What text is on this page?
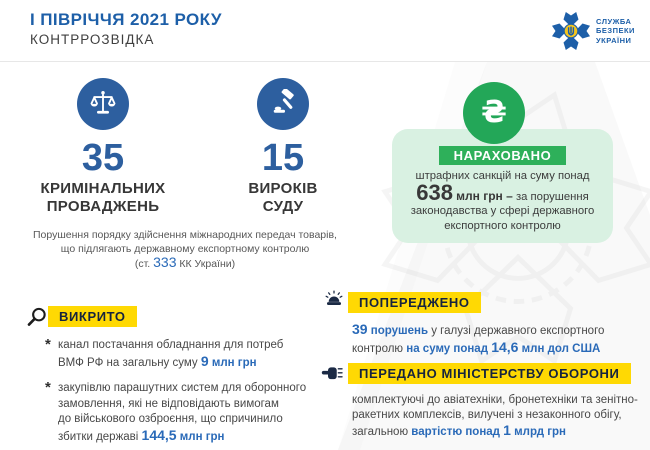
І ПІВРІЧЧЯ 2021 РОКУ
КОНТРРОЗВІДКА
СЛУЖБА
БЕЗПЕКИ
УКРАЇНИ
35
КРИМІНАЛЬНИХ
ПРОВАДЖЕНЬ
15
ВИРОКІВ
СУДУ
Порушення порядку здійснення міжнародних передач товарів,
що підлягають державному експортному контролю
(ст. 333 КК України)
₴
НАРАХОВАНО
штрафних санкцій на суму понад
638 млн грн – за порушення
законодавства у сфері державного
експортного контролю
ВИКРИТО
* канал постачання обладнання для потреб
ВМФ РФ на загальну суму 9 млн грн
* закупівлю парашутних систем для оборонного
замовлення, які не відповідають вимогам
до військового озброєння, що спричинило
збитки державі 144,5 млн грн
ПОПЕРЕДЖЕНО
39 порушень у галузі державного експортного
контролю на суму понад 14,6 млн дол США
ПЕРЕДАНО МІНІСТЕРСТВУ ОБОРОНИ
комплектуючі до авіатехніки, бронетехніки та зенітно-
ракетних комплексів, вилучені з незаконного обігу,
загальною вартістю понад 1 млрд грн
